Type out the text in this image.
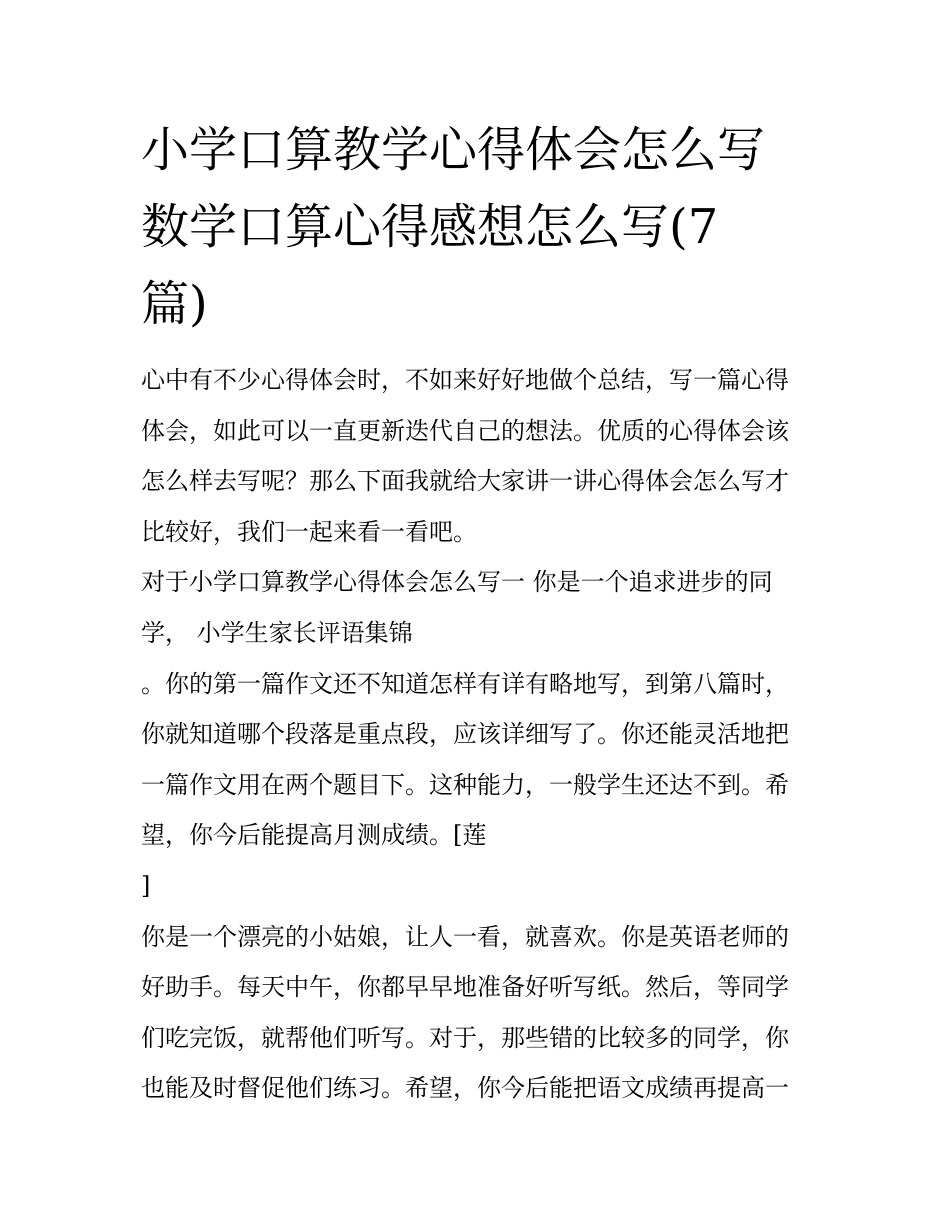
小学口算教学心得体会怎么写
数学口算心得感想怎么写(7
篇)
心中有不少心得体会时，不如来好好地做个总结，写一篇心得
体会，如此可以一直更新迭代自己的想法。优质的心得体会该
怎么样去写呢？那么下面我就给大家讲一讲心得体会怎么写才
比较好，我们一起来看一看吧。
对于小学口算教学心得体会怎么写一 你是一个追求进步的同
学， 小学生家长评语集锦
。你的第一篇作文还不知道怎样有详有略地写，到第八篇时，
你就知道哪个段落是重点段，应该详细写了。你还能灵活地把
一篇作文用在两个题目下。这种能力，一般学生还达不到。希
望，你今后能提高月测成绩。[莲
]
你是一个漂亮的小姑娘，让人一看，就喜欢。你是英语老师的
好助手。每天中午，你都早早地准备好听写纸。然后，等同学
们吃完饭，就帮他们听写。对于，那些错的比较多的同学，你
也能及时督促他们练习。希望，你今后能把语文成绩再提高一
